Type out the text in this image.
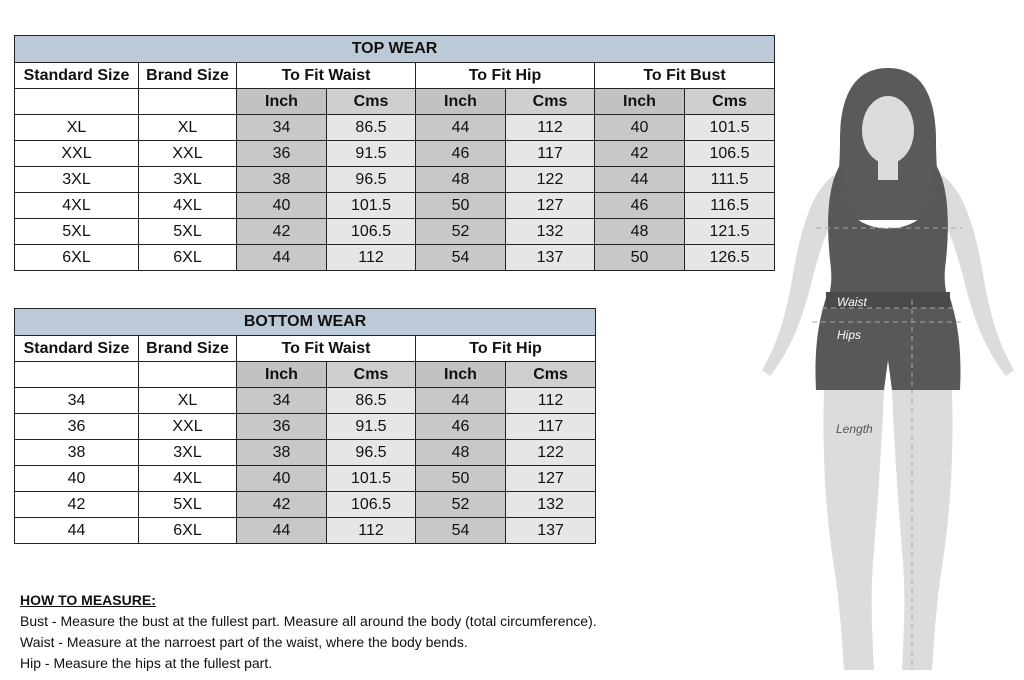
TOP WEAR							
Standard Size	Brand Size	To Fit Waist		To Fit Hip		To Fit Bust	
		Inch	Cms	Inch	Cms	Inch	Cms
XL	XL	34	86.5	44	112	40	101.5
XXL	XXL	36	91.5	46	117	42	106.5
3XL	3XL	38	96.5	48	122	44	111.5
4XL	4XL	40	101.5	50	127	46	116.5
5XL	5XL	42	106.5	52	132	48	121.5
6XL	6XL	44	112	54	137	50	126.5
BOTTOM WEAR					
Standard Size	Brand Size	To Fit Waist		To Fit Hip	
		Inch	Cms	Inch	Cms
34	XL	34	86.5	44	112
36	XXL	36	91.5	46	117
38	3XL	38	96.5	48	122
40	4XL	40	101.5	50	127
42	5XL	42	106.5	52	132
44	6XL	44	112	54	137
HOW TO MEASURE:
Bust - Measure the bust at the fullest part. Measure all around the body (total circumference).
Waist - Measure at the narroest part of the waist, where the body bends.
Hip - Measure the hips at the fullest part.
Waist
Hips
Length
